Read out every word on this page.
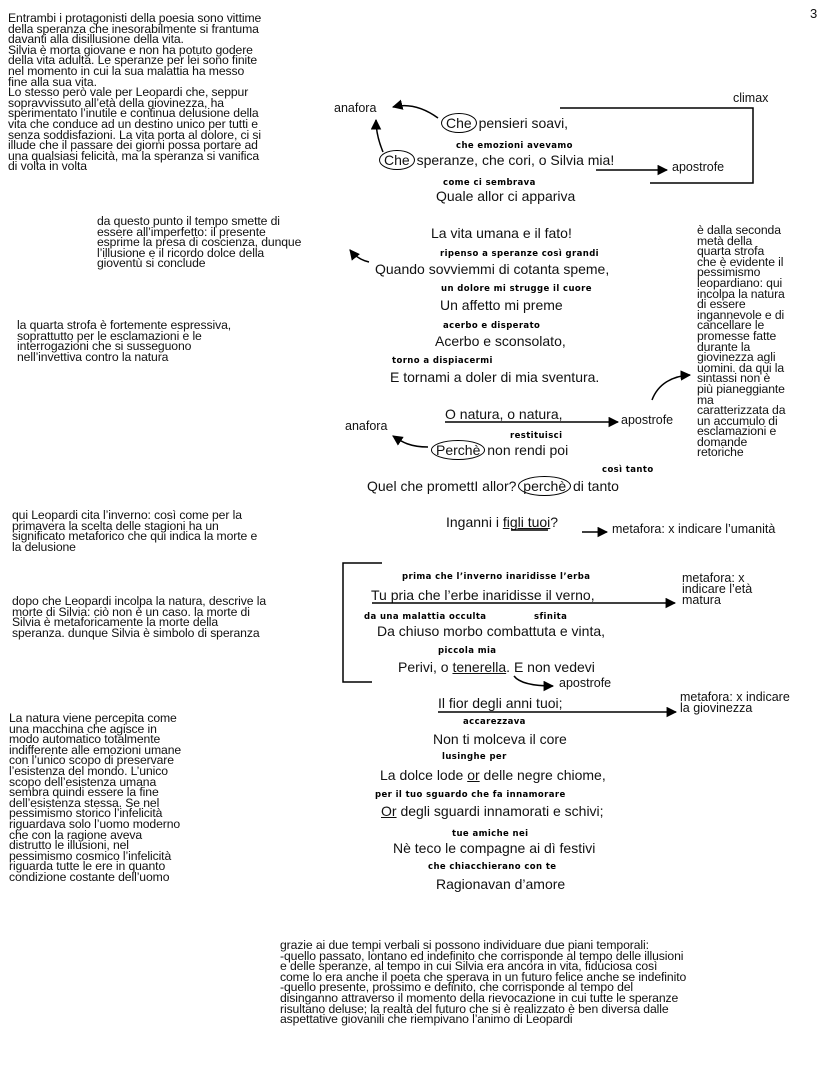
3
Entrambi i protagonisti della poesia sono vittime
della speranza che inesorabilmente si frantuma
davanti alla disillusione della vita.
Silvia è morta giovane e non ha potuto godere
della vita adulta. Le speranze per lei sono finite
nel momento in cui la sua malattia ha messo
fine alla sua vita.
Lo stesso però vale per Leopardi che, seppur
sopravvissuto all’età della giovinezza, ha
sperimentato l’inutile e continua delusione della
vita che conduce ad un destino unico per tutti e
senza soddisfazioni. La vita porta al dolore, ci si
illude che il passare dei giorni possa portare ad
una qualsiasi felicità, ma la speranza si vanifica
di volta in volta
da questo punto il tempo smette di
essere all’imperfetto: il presente
esprime la presa di coscienza, dunque
l’illusione e il ricordo dolce della
gioventù si conclude
la quarta strofa è fortemente espressiva,
soprattutto per le esclamazioni e le
interrogazioni che si susseguono
nell’invettiva contro la natura
qui Leopardi cita l’inverno: così come per la
primavera la scelta delle stagioni ha un
significato metaforico che qui indica la morte e
la delusione
dopo che Leopardi incolpa la natura, descrive la
morte di Silvia: ciò non è un caso. la morte di
Silvia è metaforicamente la morte della
speranza. dunque Silvia è simbolo di speranza
La natura viene percepita come
una macchina che agisce in
modo automatico totalmente
indifferente alle emozioni umane
con l’unico scopo di preservare
l’esistenza del mondo. L’unico
scopo dell’esistenza umana
sembra quindi essere la fine
dell’esistenza stessa. Se nel
pessimismo storico l’infelicità
riguardava solo l’uomo moderno
che con la ragione aveva
distrutto le illusioni, nel
pessimismo cosmico l’infelicità
riguarda tutte le ere in quanto
condizione costante dell’uomo
grazie ai due tempi verbali si possono individuare due piani temporali:
-quello passato, lontano ed indefinito che corrisponde al tempo delle illusioni
e delle speranze, al tempo in cui Silvia era ancora in vita, fiduciosa così
come lo era anche il poeta che sperava in un futuro felice anche se indefinito
-quello presente, prossimo e definito, che corrisponde al tempo del
disinganno attraverso il momento della rievocazione in cui tutte le speranze
risultano deluse; la realtà del futuro che si è realizzato è ben diversa dalle
aspettative giovanili che riempivano l’animo di Leopardi
è dalla seconda
metà della
quarta strofa
che è evidente il
pessimismo
leopardiano: qui
incolpa la natura
di essere
ingannevole e di
cancellare le
promesse fatte
durante la
giovinezza agli
uomini. da qui la
sintassi non è
più pianeggiante
ma
caratterizzata da
un accumulo di
esclamazioni e
domande
retoriche
che emozioni avevamo
come ci sembrava
ripenso a speranze così grandi
un dolore mi strugge il cuore
acerbo e disperato
torno a dispiacermi
restituisci
così tanto
prima che l’inverno inaridisse l’erba
da una malattia occulta	sfinita
piccola mia
accarezzava
lusinghe per
per il tuo sguardo che fa innamorare
tue amiche nei
che chiacchierano con te
Che pensieri soavi,
Che speranze, che cori, o Silvia mia!
Quale allor ci appariva
La vita umana e il fato!
Quando sovviemmi di cotanta speme,
Un affetto mi preme
Acerbo e sconsolato,
E tornami a doler di mia sventura.
O natura, o natura,
Perchè non rendi poi
Quel che promettI allor? perchè di tanto
Inganni i figli tuoi?
Tu pria che l’erbe inaridisse il verno,
Da chiuso morbo combattuta e vinta,
Perivi, o tenerella. E non vedevi
Il fior degli anni tuoi;
Non ti molceva il core
La dolce lode or delle negre chiome,
Or degli sguardi innamorati e schivi;
Nè teco le compagne ai dì festivi
Ragionavan d’amore
anafora
climax
apostrofe
apostrofe
anafora
metafora: x indicare l’umanità
metafora: x
indicare l’età
matura
apostrofe
metafora: x indicare
la giovinezza
